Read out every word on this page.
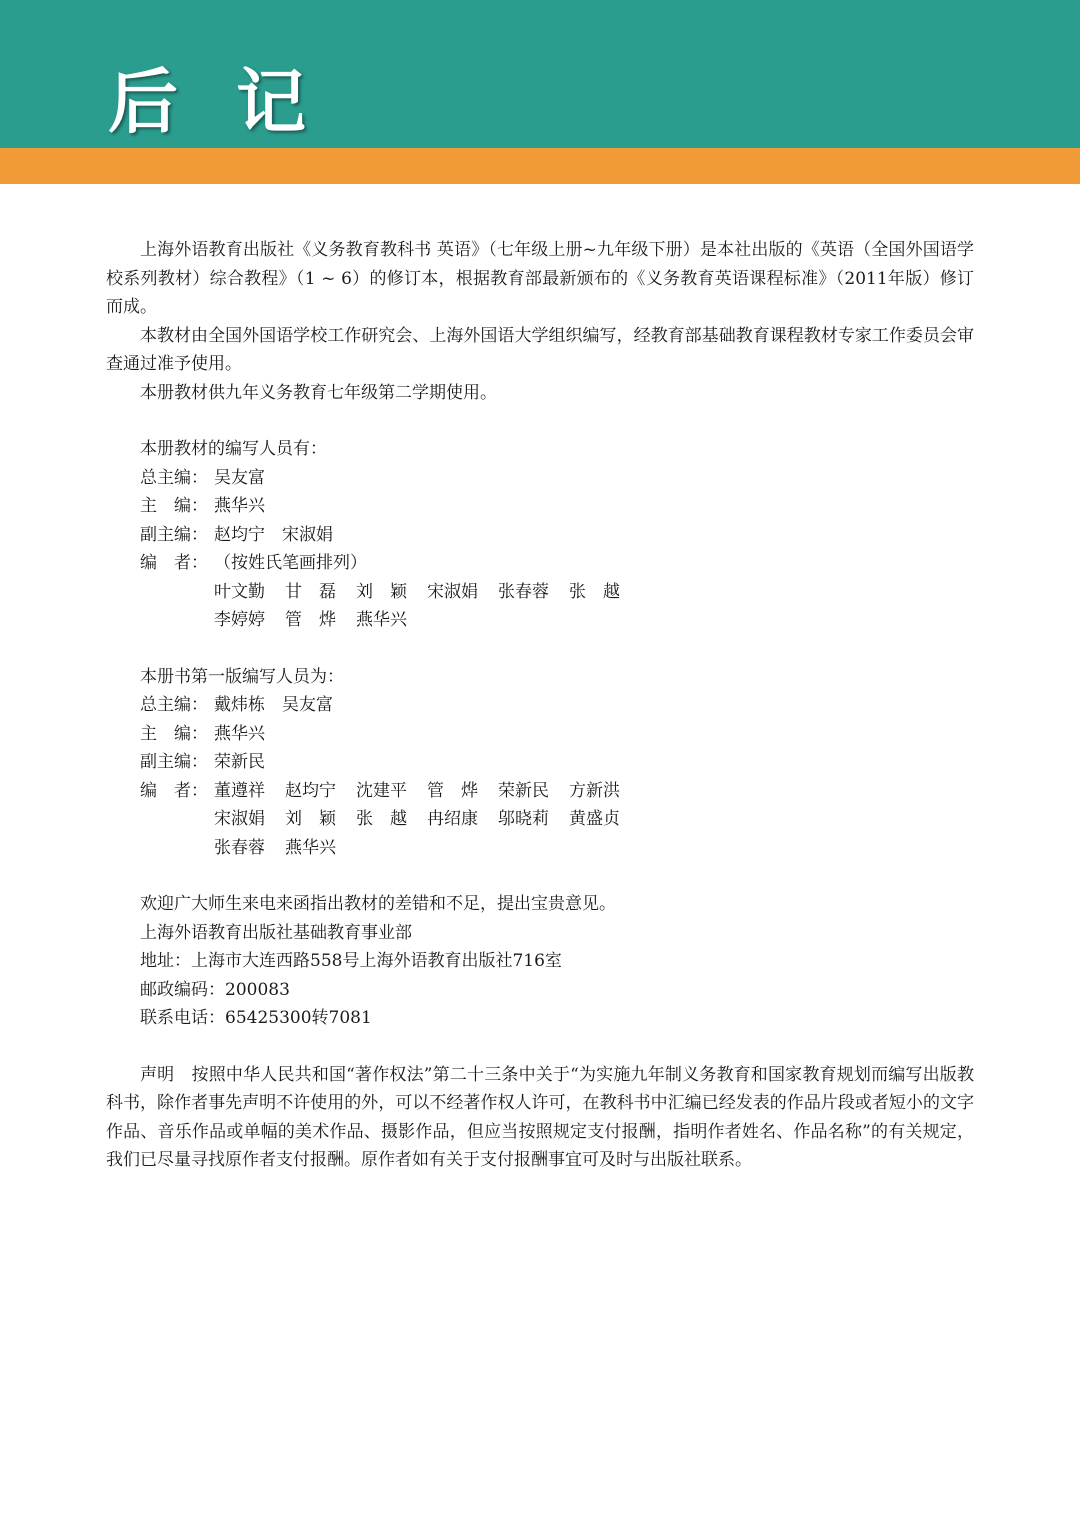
后 记

上海外语教育出版社《义务教育教科书 英语》（七年级上册~九年级下册）是本社出版的《英语（全国外国语学校系列教材）综合教程》（1 ~ 6）的修订本，根据教育部最新颁布的《义务教育英语课程标准》（2011年版）修订而成。

本教材由全国外国语学校工作研究会、上海外国语大学组织编写，经教育部基础教育课程教材专家工作委员会审查通过准予使用。

本册教材供九年义务教育七年级第二学期使用。

本册教材的编写人员有：
总主编： 吴友富
主　编： 燕华兴
副主编： 赵均宁　宋淑娟
编　者： （按姓氏笔画排列）
叶文勤 甘　磊 刘　颖 宋淑娟 张春蓉 张　越
李婷婷 管　烨 燕华兴
本册书第一版编写人员为：
总主编： 戴炜栋　吴友富
主　编： 燕华兴
副主编： 荣新民
编　者： 董遵祥 赵均宁 沈建平 管　烨 荣新民 方新洪
宋淑娟 刘　颖 张　越 冉绍康 邬晓莉 黄盛贞
张春蓉 燕华兴
欢迎广大师生来电来函指出教材的差错和不足，提出宝贵意见。
上海外语教育出版社基础教育事业部
地址：上海市大连西路558号上海外语教育出版社716室
邮政编码：200083
联系电话：65425300转7081

声明　按照中华人民共和国“著作权法”第二十三条中关于“为实施九年制义务教育和国家教育规划而编写出版教科书，除作者事先声明不许使用的外，可以不经著作权人许可，在教科书中汇编已经发表的作品片段或者短小的文字作品、音乐作品或单幅的美术作品、摄影作品，但应当按照规定支付报酬，指明作者姓名、作品名称”的有关规定，我们已尽量寻找原作者支付报酬。原作者如有关于支付报酬事宜可及时与出版社联系。
